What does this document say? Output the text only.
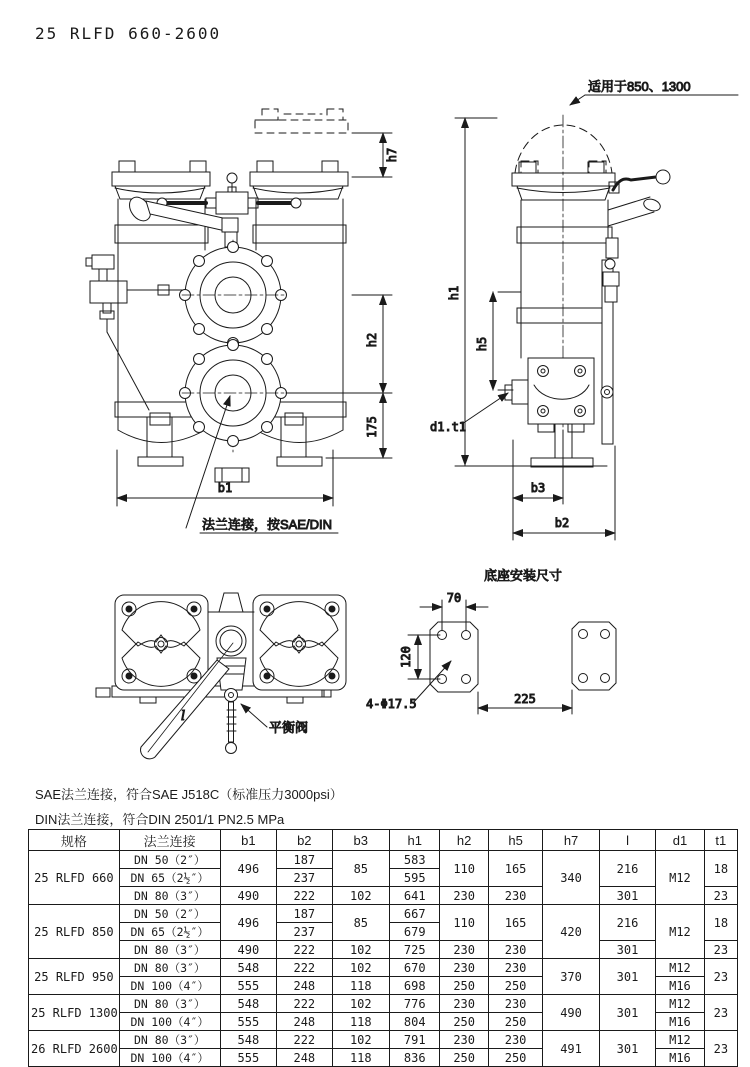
25 RLFD 660-2600
h7
h2
175
b1
法兰连接，按SAE/DIN
适用于850、1300
h1
h5
d1.t1
b3
b2
l
平衡阀
底座安装尺寸
70
120
4-Φ17.5	225
SAE法兰连接，符合SAE J518C（标准压力3000psi）
DIN法兰连接，符合DIN 2501/1 PN2.5 MPa
规格	法兰连接	b1	b2	b3	h1	h2	h5	h7	l	d1	t1
25 RLFD 660	DN 50（2″）	496	187	85	583	110	165	340	216	M12	18
	DN 65（2½″）		237		595						
	DN 80（3″）	490	222	102	641	230	230		301		23
25 RLFD 850	DN 50（2″）	496	187	85	667	110	165	420	216	M12	18
	DN 65（2½″）		237		679						
	DN 80（3″）	490	222	102	725	230	230		301		23
25 RLFD 950	DN 80（3″）	548	222	102	670	230	230	370	301	M12	23
	DN 100（4″）	555	248	118	698	250	250			M16	
25 RLFD 1300	DN 80（3″）	548	222	102	776	230	230	490	301	M12	23
	DN 100（4″）	555	248	118	804	250	250			M16	
26 RLFD 2600	DN 80（3″）	548	222	102	791	230	230	491	301	M12	23
	DN 100（4″）	555	248	118	836	250	250			M16	
